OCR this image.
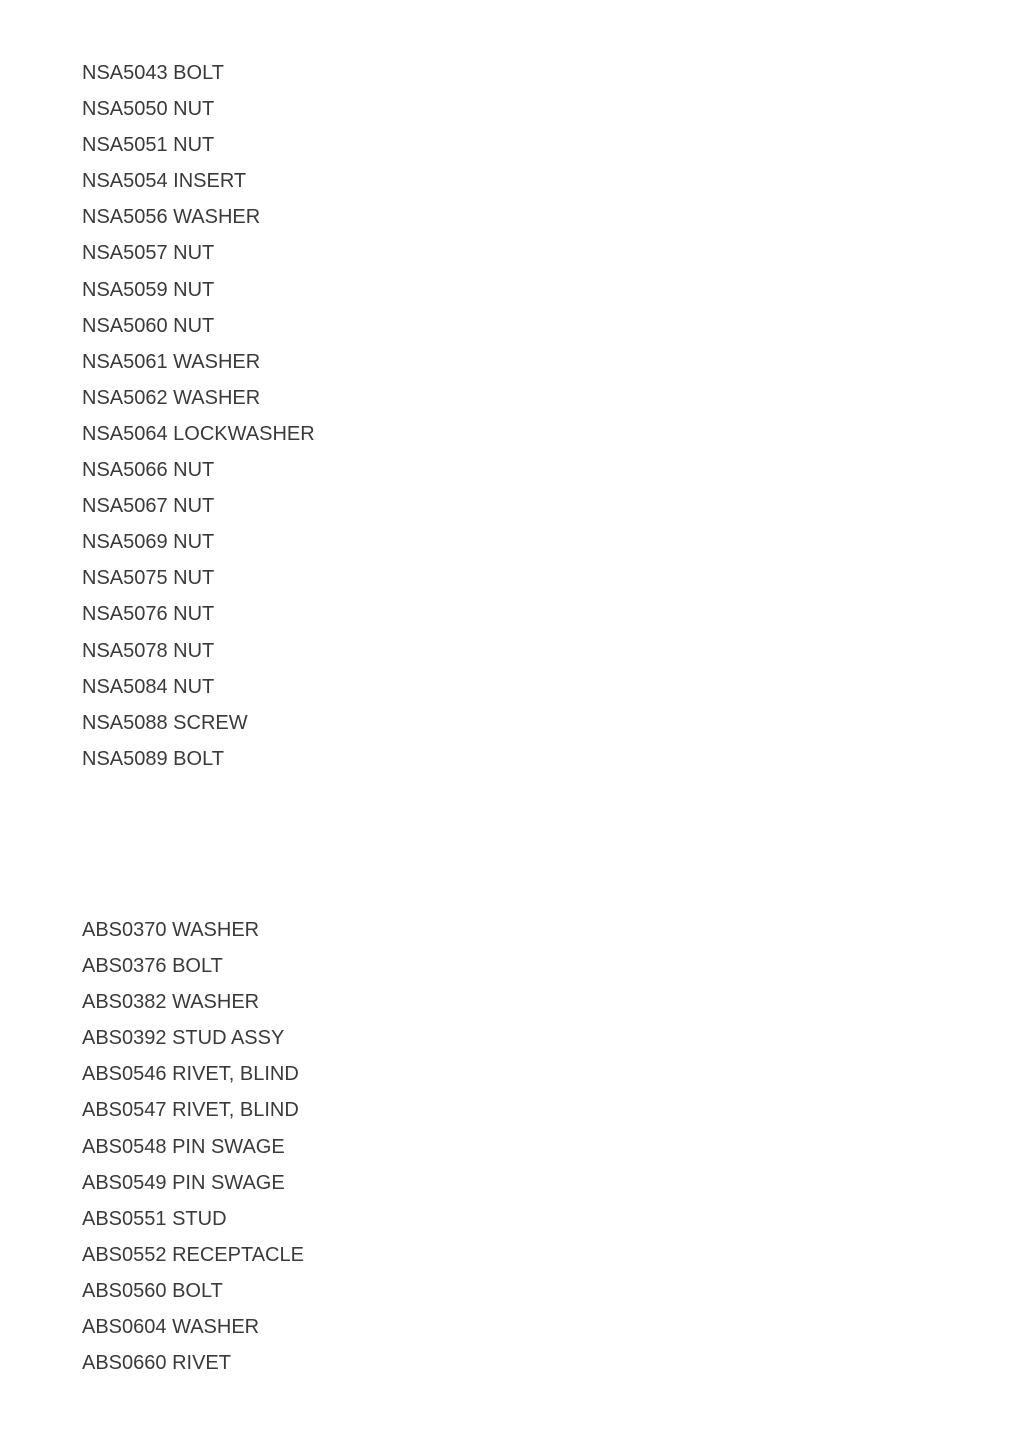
NSA5043 BOLT
NSA5050 NUT
NSA5051 NUT
NSA5054 INSERT
NSA5056 WASHER
NSA5057 NUT
NSA5059 NUT
NSA5060 NUT
NSA5061 WASHER
NSA5062 WASHER
NSA5064 LOCKWASHER
NSA5066 NUT
NSA5067 NUT
NSA5069 NUT
NSA5075 NUT
NSA5076 NUT
NSA5078 NUT
NSA5084 NUT
NSA5088 SCREW
NSA5089 BOLT
ABS0370 WASHER
ABS0376 BOLT
ABS0382 WASHER
ABS0392 STUD ASSY
ABS0546 RIVET, BLIND
ABS0547 RIVET, BLIND
ABS0548 PIN SWAGE
ABS0549 PIN SWAGE
ABS0551 STUD
ABS0552 RECEPTACLE
ABS0560 BOLT
ABS0604 WASHER
ABS0660 RIVET
